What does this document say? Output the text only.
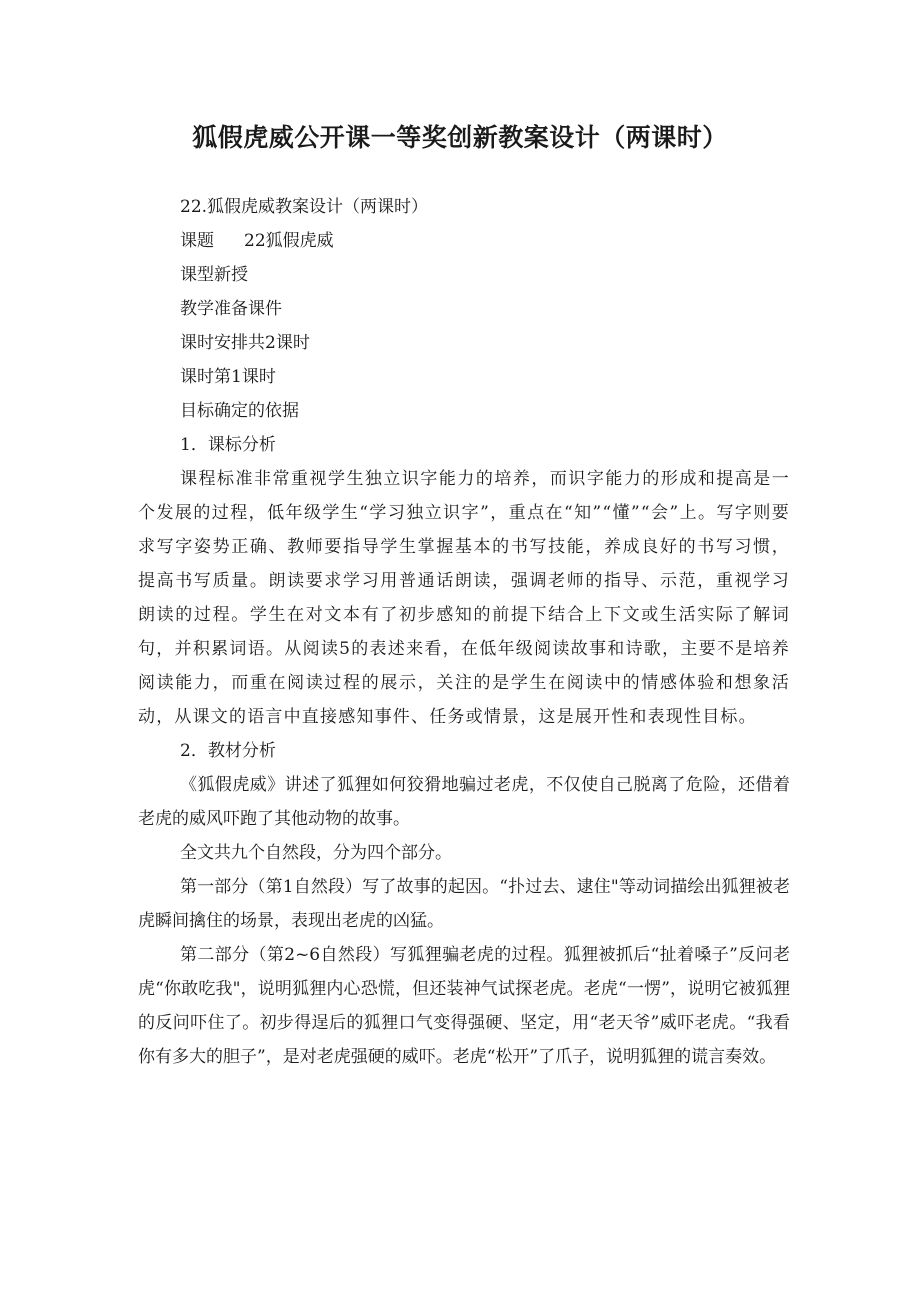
狐假虎威公开课一等奖创新教案设计（两课时）

22.狐假虎威教案设计（两课时）

课题 22狐假虎威

课型新授

教学准备课件

课时安排共2课时

课时第1课时

目标确定的依据

1．课标分析

课程标准非常重视学生独立识字能力的培养，而识字能力的形成和提高是一个发展的过程，低年级学生“学习独立识字”，重点在“知”“懂”“会”上。写字则要求写字姿势正确、教师要指导学生掌握基本的书写技能，养成良好的书写习惯，提高书写质量。朗读要求学习用普通话朗读，强调老师的指导、示范，重视学习朗读的过程。学生在对文本有了初步感知的前提下结合上下文或生活实际了解词句，并积累词语。从阅读5的表述来看，在低年级阅读故事和诗歌，主要不是培养阅读能力，而重在阅读过程的展示，关注的是学生在阅读中的情感体验和想象活动，从课文的语言中直接感知事件、任务或情景，这是展开性和表现性目标。

2．教材分析

《狐假虎威》讲述了狐狸如何狡猾地骗过老虎，不仅使自己脱离了危险，还借着老虎的威风吓跑了其他动物的故事。

全文共九个自然段，分为四个部分。

第一部分（第1自然段）写了故事的起因。“扑过去、逮住"等动词描绘出狐狸被老虎瞬间擒住的场景，表现出老虎的凶猛。

第二部分（第2~6自然段）写狐狸骗老虎的过程。狐狸被抓后“扯着嗓子”反问老虎“你敢吃我"，说明狐狸内心恐慌，但还装神气试探老虎。老虎“一愣”，说明它被狐狸的反问吓住了。初步得逞后的狐狸口气变得强硬、坚定，用“老天爷”威吓老虎。“我看你有多大的胆子”，是对老虎强硬的威吓。老虎“松开”了爪子，说明狐狸的谎言奏效。
